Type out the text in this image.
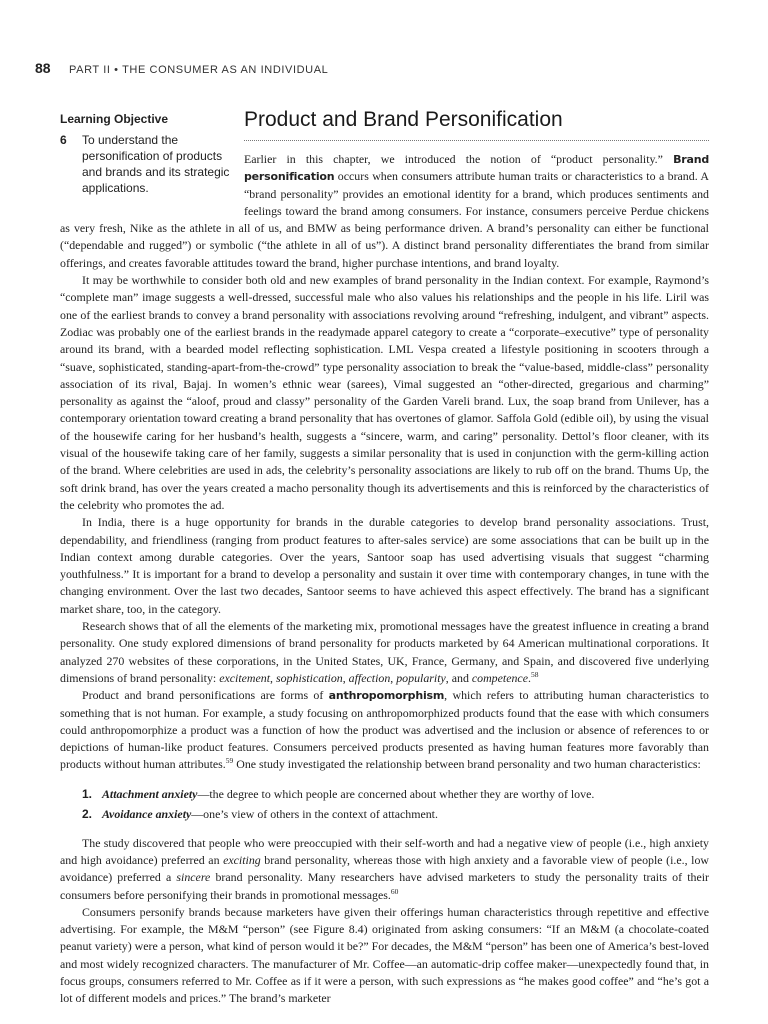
88 PART II • THE CONSUMER AS AN INDIVIDUAL
Learning Objective
6 To understand the personification of products and brands and its strategic applications.
Product and Brand Personification

Earlier in this chapter, we introduced the notion of “product personality.” Brand personification occurs when consumers attribute human traits or characteristics to a brand. A “brand personality” provides an emotional identity for a brand, which produces sentiments and feelings toward the brand among consumers. For instance, consumers perceive Perdue chickens as very fresh, Nike as the athlete in all of us, and BMW as being performance driven. A brand’s personality can either be functional (“dependable and rugged”) or symbolic (“the athlete in all of us”). A distinct brand personality differentiates the brand from similar offerings, and creates favorable attitudes toward the brand, higher purchase intentions, and brand loyalty.

It may be worthwhile to consider both old and new examples of brand personality in the Indian context. For example, Raymond’s “complete man” image suggests a well-dressed, successful male who also values his relationships and the people in his life. Liril was one of the earliest brands to convey a brand personality with associations revolving around “refreshing, indulgent, and vibrant” aspects. Zodiac was probably one of the earliest brands in the readymade apparel category to create a “corporate–executive” type of personality around its brand, with a bearded model reflecting sophistication. LML Vespa created a lifestyle positioning in scooters through a “suave, sophisticated, standing-apart-from-the-crowd” type personality association to break the “value-based, middle-class” personality association of its rival, Bajaj. In women’s ethnic wear (sarees), Vimal suggested an “other-directed, gregarious and charming” personality as against the “aloof, proud and classy” personality of the Garden Vareli brand. Lux, the soap brand from Unilever, has a contemporary orientation toward creating a brand personality that has overtones of glamor. Saffola Gold (edible oil), by using the visual of the housewife caring for her husband’s health, suggests a “sincere, warm, and caring” personality. Dettol’s floor cleaner, with its visual of the housewife taking care of her family, suggests a similar personality that is used in conjunction with the germ-killing action of the brand. Where celebrities are used in ads, the celebrity’s personality associations are likely to rub off on the brand. Thums Up, the soft drink brand, has over the years created a macho personality though its advertisements and this is reinforced by the characteristics of the celebrity who promotes the ad.

In India, there is a huge opportunity for brands in the durable categories to develop brand personality associations. Trust, dependability, and friendliness (ranging from product features to after-sales service) are some associations that can be built up in the Indian context among durable categories. Over the years, Santoor soap has used advertising visuals that suggest “charming youthfulness.” It is important for a brand to develop a personality and sustain it over time with contemporary changes, in tune with the changing environment. Over the last two decades, Santoor seems to have achieved this aspect effectively. The brand has a significant market share, too, in the category.

Research shows that of all the elements of the marketing mix, promotional messages have the greatest influence in creating a brand personality. One study explored dimensions of brand personality for products marketed by 64 American multinational corporations. It analyzed 270 websites of these corporations, in the United States, UK, France, Germany, and Spain, and discovered five underlying dimensions of brand personality: excitement, sophistication, affection, popularity, and competence.$^{58}$

Product and brand personifications are forms of anthropomorphism, which refers to attributing human characteristics to something that is not human. For example, a study focusing on anthropomorphized products found that the ease with which consumers could anthropomorphize a product was a function of how the product was advertised and the inclusion or absence of references to or depictions of human-like product features. Consumers perceived products presented as having human features more favorably than products without human attributes.$^{59}$ One study investigated the relationship between brand personality and two human characteristics:

1. Attachment anxiety—the degree to which people are concerned about whether they are worthy of love.
2. Avoidance anxiety—one’s view of others in the context of attachment.

The study discovered that people who were preoccupied with their self-worth and had a negative view of people (i.e., high anxiety and high avoidance) preferred an exciting brand personality, whereas those with high anxiety and a favorable view of people (i.e., low avoidance) preferred a sincere brand personality. Many researchers have advised marketers to study the personality traits of their consumers before personifying their brands in promotional messages.$^{60}$

Consumers personify brands because marketers have given their offerings human characteristics through repetitive and effective advertising. For example, the M&M “person” (see Figure 8.4) originated from asking consumers: “If an M&M (a chocolate-coated peanut variety) were a person, what kind of person would it be?” For decades, the M&M “person” has been one of America’s best-loved and most widely recognized characters. The manufacturer of Mr. Coffee—an automatic-drip coffee maker—unexpectedly found that, in focus groups, consumers referred to Mr. Coffee as if it were a person, with such expressions as “he makes good coffee” and “he’s got a lot of different models and prices.” The brand’s marketer
